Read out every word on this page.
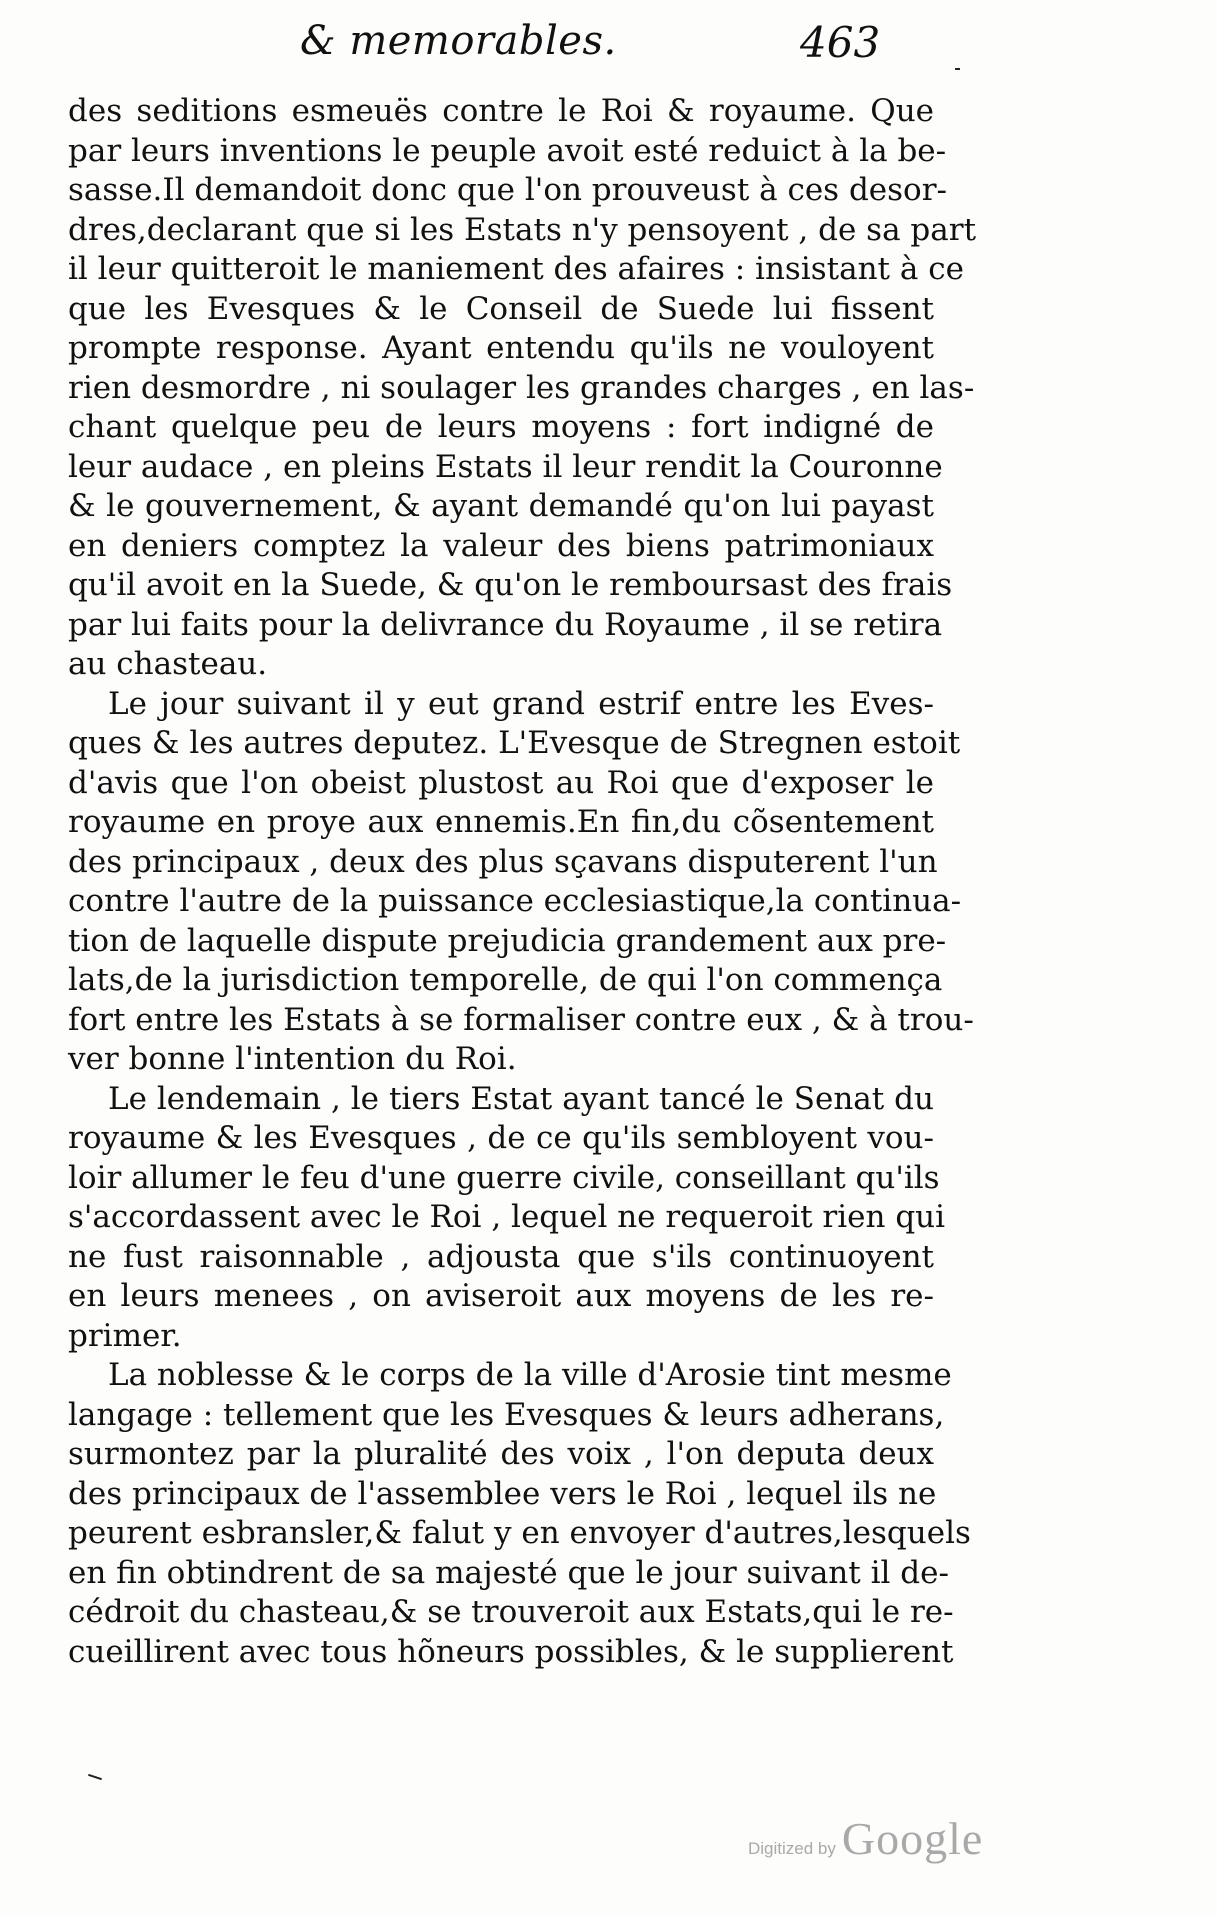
& memorables.	463

des seditions esmeuës contre le Roi & royaume. Que
par leurs inventions le peuple avoit esté reduict à la be-
sasse.Il demandoit donc que l'on prouveust à ces desor-
dres,declarant que si les Estats n'y pensoyent , de sa part
il leur quitteroit le maniement des afaires : insistant à ce
que les Evesques & le Conseil de Suede lui fissent
prompte response. Ayant entendu qu'ils ne vouloyent
rien desmordre , ni soulager les grandes charges , en las-
chant quelque peu de leurs moyens : fort indigné de
leur audace , en pleins Estats il leur rendit la Couronne
& le gouvernement, & ayant demandé qu'on lui payast
en deniers comptez la valeur des biens patrimoniaux
qu'il avoit en la Suede, & qu'on le remboursast des frais
par lui faits pour la delivrance du Royaume , il se retira
au chasteau.

Le jour suivant il y eut grand estrif entre les Eves-
ques & les autres deputez. L'Evesque de Stregnen estoit
d'avis que l'on obeist plustost au Roi que d'exposer le
royaume en proye aux ennemis.En fin,du cõsentement
des principaux , deux des plus sçavans disputerent l'un
contre l'autre de la puissance ecclesiastique,la continua-
tion de laquelle dispute prejudicia grandement aux pre-
lats,de la jurisdiction temporelle, de qui l'on commença
fort entre les Estats à se formaliser contre eux , & à trou-
ver bonne l'intention du Roi.

Le lendemain , le tiers Estat ayant tancé le Senat du
royaume & les Evesques , de ce qu'ils sembloyent vou-
loir allumer le feu d'une guerre civile, conseillant qu'ils
s'accordassent avec le Roi , lequel ne requeroit rien qui
ne fust raisonnable , adjousta que s'ils continuoyent
en leurs menees , on aviseroit aux moyens de les re-
primer.

La noblesse & le corps de la ville d'Arosie tint mesme
langage : tellement que les Evesques & leurs adherans,
surmontez par la pluralité des voix , l'on deputa deux
des principaux de l'assemblee vers le Roi , lequel ils ne
peurent esbransler,& falut y en envoyer d'autres,lesquels
en fin obtindrent de sa majesté que le jour suivant il de-
cédroit du chasteau,& se trouveroit aux Estats,qui le re-
cueillirent avec tous hõneurs possibles, & le supplierent

Digitized by Google
